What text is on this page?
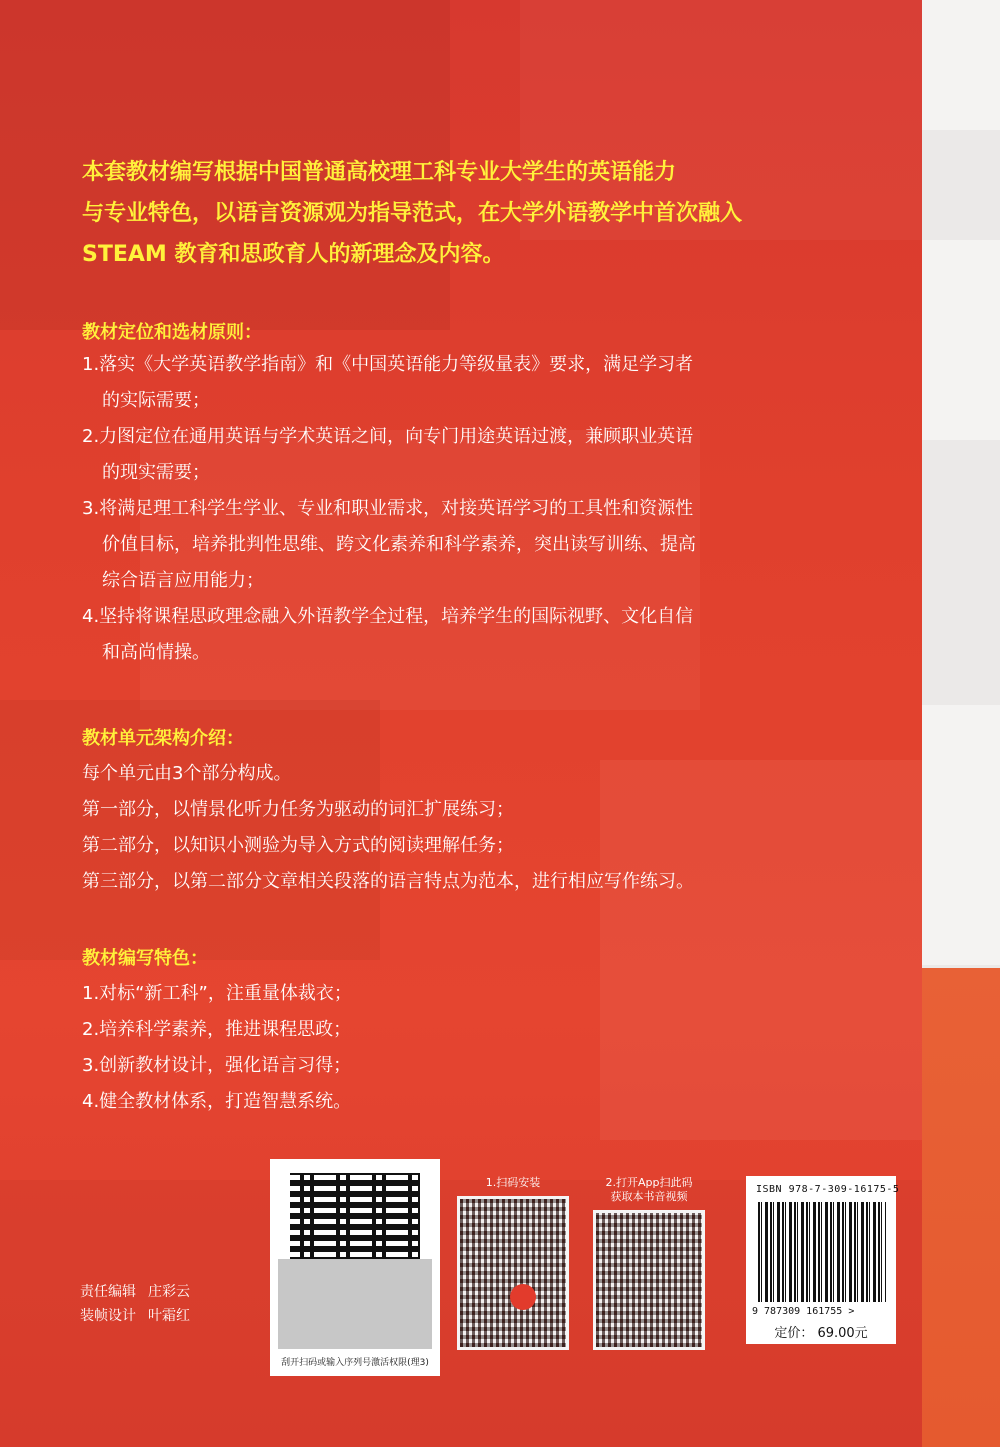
本套教材编写根据中国普通高校理工科专业大学生的英语能力
与专业特色，以语言资源观为指导范式，在大学外语教学中首次融入
STEAM 教育和思政育人的新理念及内容。
教材定位和选材原则：
1.落实《大学英语教学指南》和《中国英语能力等级量表》要求，满足学习者
的实际需要；
2.力图定位在通用英语与学术英语之间，向专门用途英语过渡，兼顾职业英语
的现实需要；
3.将满足理工科学生学业、专业和职业需求，对接英语学习的工具性和资源性
价值目标，培养批判性思维、跨文化素养和科学素养，突出读写训练、提高
综合语言应用能力；
4.坚持将课程思政理念融入外语教学全过程，培养学生的国际视野、文化自信
和高尚情操。
教材单元架构介绍：
每个单元由3个部分构成。
第一部分，以情景化听力任务为驱动的词汇扩展练习；
第二部分，以知识小测验为导入方式的阅读理解任务；
第三部分，以第二部分文章相关段落的语言特点为范本，进行相应写作练习。
教材编写特色：
1.对标“新工科”，注重量体裁衣；
2.培养科学素养，推进课程思政；
3.创新教材设计，强化语言习得；
4.健全教材体系，打造智慧系统。
责任编辑 庄彩云
装帧设计 叶霜红
刮开扫码或输入序列号激活权限(理3)
1.扫码安装	2.打开App扫此码
获取本书音视频
ISBN 978-7-309-16175-5
9 787309 161755 >
定价： 69.00元
